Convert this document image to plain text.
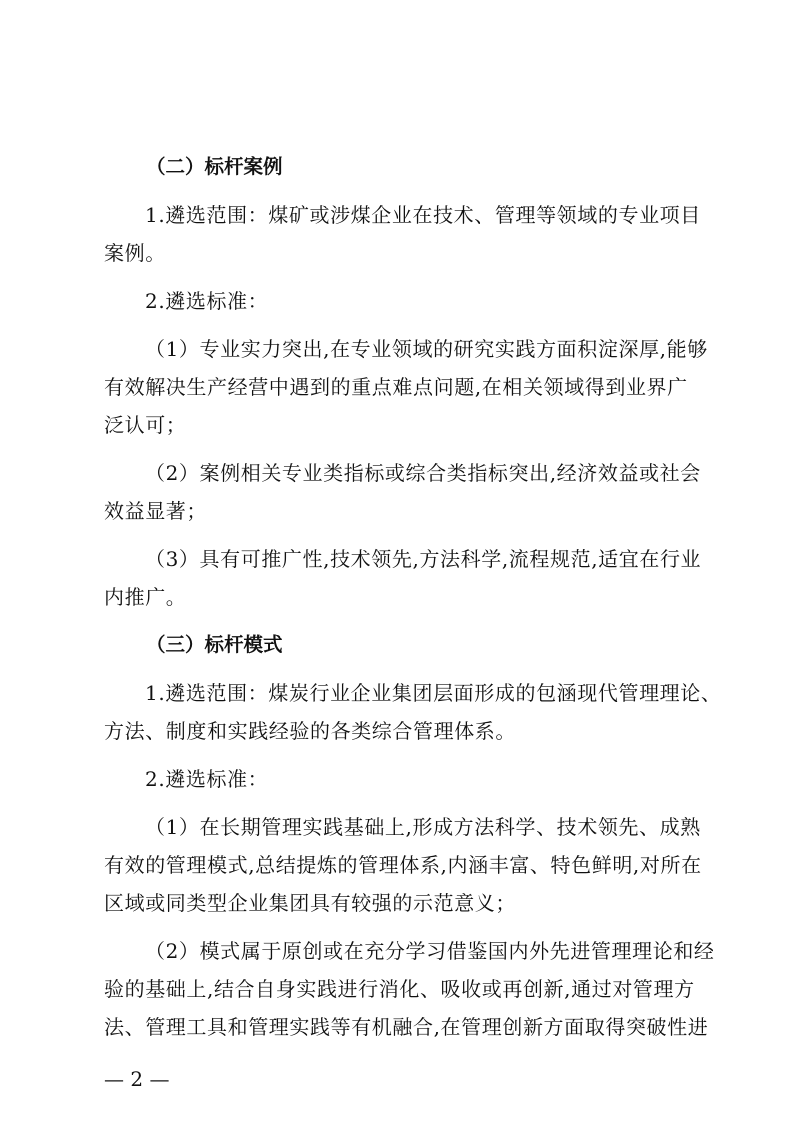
（二）标杆案例
1.遴选范围：煤矿或涉煤企业在技术、管理等领域的专业项目
案例。
2.遴选标准：
（1）专业实力突出,在专业领域的研究实践方面积淀深厚,能够
有效解决生产经营中遇到的重点难点问题,在相关领域得到业界广
泛认可；
（2）案例相关专业类指标或综合类指标突出,经济效益或社会
效益显著；
（3）具有可推广性,技术领先,方法科学,流程规范,适宜在行业
内推广。
（三）标杆模式
1.遴选范围：煤炭行业企业集团层面形成的包涵现代管理理论、
方法、制度和实践经验的各类综合管理体系。
2.遴选标准：
（1）在长期管理实践基础上,形成方法科学、技术领先、成熟
有效的管理模式,总结提炼的管理体系,内涵丰富、特色鲜明,对所在
区域或同类型企业集团具有较强的示范意义；
（2）模式属于原创或在充分学习借鉴国内外先进管理理论和经
验的基础上,结合自身实践进行消化、吸收或再创新,通过对管理方
法、管理工具和管理实践等有机融合,在管理创新方面取得突破性进
— 2 —
